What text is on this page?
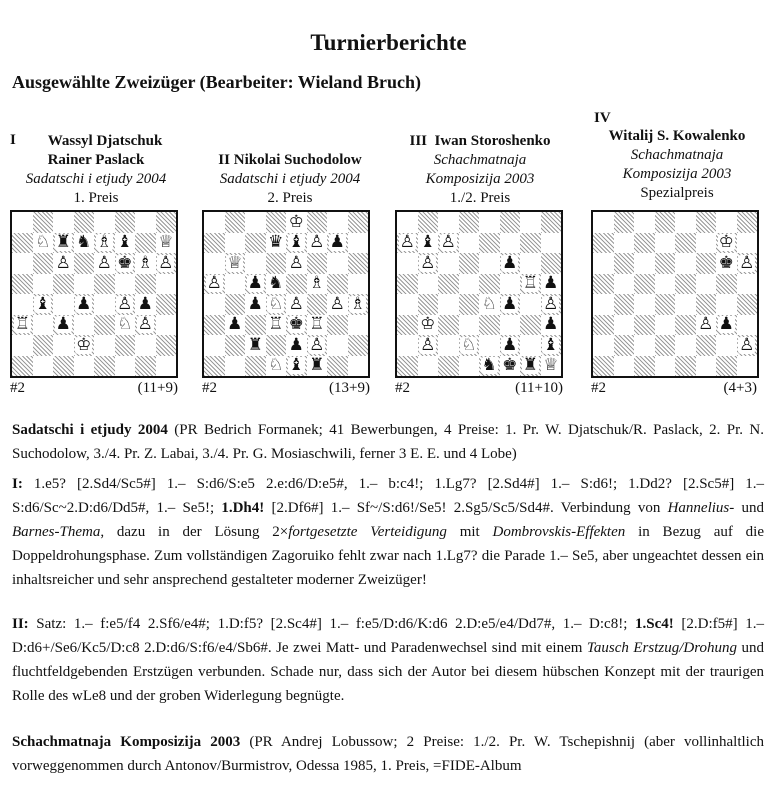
Turnierberichte
Ausgewählte Zweizüger (Bearbeiter: Wieland Bruch)
I	Wassyl Djatschuk
Rainer Paslack
Sadatschi i etjudy 2004
1. Preis
II Nikolai Suchodolow
Sadatschi i etjudy 2004
2. Preis
III Iwan Storoshenko
Schachmatnaja Komposizija 2003
1./2. Preis
IV
Witalij S. Kowalenko
Schachmatnaja Komposizija 2003
Spezialpreis
♘ ♜ ♞ ♗ ♝ ♕
♙ ♙ ♚ ♗ ♙
♝ ♟ ♙ ♟
♖ ♟	♘ ♙
♔
♔
♛ ♝ ♙ ♟
♕	♙
♙ ♟ ♞ ♗
♟ ♘ ♙ ♙ ♗
♟ ♖ ♚ ♖
♜ ♟ ♙
♘ ♝ ♜
♙ ♝ ♙
♙	♟
♖ ♟
♘ ♟ ♙
♔	♟
♙ ♘ ♟ ♝
♞ ♚ ♜ ♕
♔
♚ ♙
♙ ♟
♙
#2	(11+9) #2	(13+9) #2	(11+10) #2	(4+3)
Sadatschi i etjudy 2004 (PR Bedrich Formanek; 41 Bewerbungen, 4 Preise: 1. Pr. W. Djatschuk/R. Paslack, 2. Pr. N. Suchodolow, 3./4. Pr. Z. Labai, 3./4. Pr. G. Mosiaschwili, ferner 3 E. E. und 4 Lobe)
I: 1.e5? [2.Sd4/Sc5#] 1.– S:d6/S:e5 2.e:d6/D:e5#, 1.– b:c4!; 1.Lg7? [2.Sd4#] 1.– S:d6!; 1.Dd2? [2.Sc5#] 1.– S:d6/Sc~2.D:d6/Dd5#, 1.– Se5!; 1.Dh4! [2.Df6#] 1.– Sf~/S:d6!/Se5! 2.Sg5/Sc5/Sd4#. Verbindung von Hannelius- und Barnes-Thema, dazu in der Lösung 2×fortgesetzte Verteidigung mit Dombrovskis-Effekten in Bezug auf die Doppeldrohungsphase. Zum vollständigen Zagoruiko fehlt zwar nach 1.Lg7? die Parade 1.– Se5, aber ungeachtet dessen ein inhaltsreicher und sehr ansprechend gestalteter moderner Zweizüger!
II: Satz: 1.– f:e5/f4 2.Sf6/e4#; 1.D:f5? [2.Sc4#] 1.– f:e5/D:d6/K:d6 2.D:e5/e4/Dd7#, 1.– D:c8!; 1.Sc4! [2.D:f5#] 1.– D:d6+/Se6/Kc5/D:c8 2.D:d6/S:f6/e4/Sb6#. Je zwei Matt- und Paradenwechsel sind mit einem Tausch Erstzug/Drohung und fluchtfeldgebenden Erstzügen verbunden. Schade nur, dass sich der Autor bei diesem hübschen Konzept mit der traurigen Rolle des wLe8 und der groben Widerlegung begnügte.
Schachmatnaja Komposizija 2003 (PR Andrej Lobussow; 2 Preise: 1./2. Pr. W. Tschepishnij (aber vollinhaltlich vorweggenommen durch Antonov/Burmistrov, Odessa 1985, 1. Preis, =FIDE-Album
